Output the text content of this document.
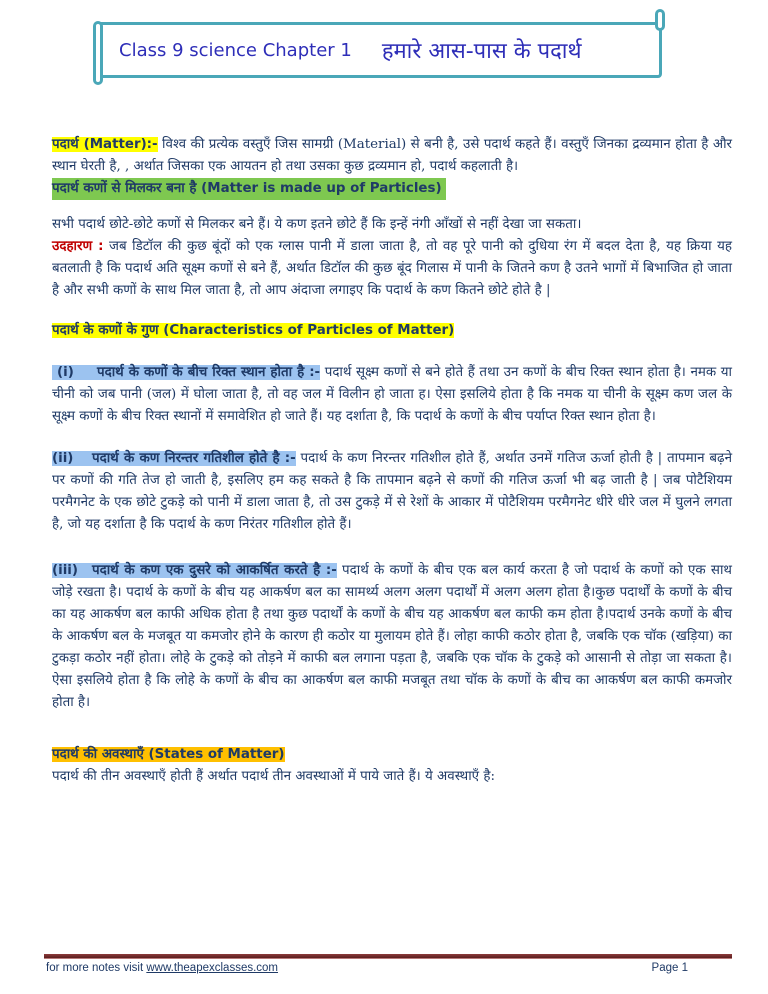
Class 9 science Chapter 1 हमारे आस-पास के पदार्थ

पदार्थ (Matter):- विश्व की प्रत्येक वस्तुएँ जिस सामग्री (Material) से बनी है, उसे पदार्थ कहते हैं। वस्तुएँ जिनका द्रव्यमान होता है और स्थान घेरती है, , अर्थात जिसका एक आयतन हो तथा उसका कुछ द्रव्यमान हो, पदार्थ कहलाती है।

पदार्थ कणों से मिलकर बना है (Matter is made up of Particles)

सभी पदार्थ छोटे-छोटे कणों से मिलकर बने हैं। ये कण इतने छोटे हैं कि इन्हें नंगी आँखों से नहीं देखा जा सकता।

उदहारण : जब डिटॉल की कुछ बूंदों को एक ग्लास पानी में डाला जाता है, तो वह पूरे पानी को दुधिया रंग में बदल देता है, यह क्रिया यह बतलाती है कि पदार्थ अति सूक्ष्म कणों से बने हैं, अर्थात डिटॉल की कुछ बूंद गिलास में पानी के जितने कण है उतने भागों में बिभाजित हो जाता है और सभी कणों के साथ मिल जाता है, तो आप अंदाजा लगाइए कि पदार्थ के कण कितने छोटे होते है |

पदार्थ के कणों के गुण (Characteristics of Particles of Matter)

(i) पदार्थ के कणों के बीच रिक्त स्थान होता है :- पदार्थ सूक्ष्म कणों से बने होते हैं तथा उन कणों के बीच रिक्त स्थान होता है। नमक या चीनी को जब पानी (जल) में घोला जाता है, तो वह जल में विलीन हो जाता ह। ऐसा इसलिये होता है कि नमक या चीनी के सूक्ष्म कण जल के सूक्ष्म कणों के बीच रिक्त स्थानों में समावेशित हो जाते हैं। यह दर्शाता है, कि पदार्थ के कणों के बीच पर्याप्त रिक्त स्थान होता है।

(ii) पदार्थ के कण निरन्तर गतिशील होते है :- पदार्थ के कण निरन्तर गतिशील होते हैं, अर्थात उनमें गतिज ऊर्जा होती है | तापमान बढ़ने पर कणों की गति तेज हो जाती है, इसलिए हम कह सकते है कि तापमान बढ़ने से कणों की गतिज ऊर्जा भी बढ़ जाती है | जब पोटैशियम परमैगनेट के एक छोटे टुकड़े को पानी में डाला जाता है, तो उस टुकड़े में से रेशों के आकार में पोटैशियम परमैगनेट धीरे धीरे जल में घुलने लगता है, जो यह दर्शाता है कि पदार्थ के कण निरंतर गतिशील होते हैं।

(iii) पदार्थ के कण एक दुसरे को आकर्षित करते है :- पदार्थ के कणों के बीच एक बल कार्य करता है जो पदार्थ के कणों को एक साथ जोड़े रखता है। पदार्थ के कणों के बीच यह आकर्षण बल का सामर्थ्य अलग अलग पदार्थों में अलग अलग होता है।कुछ पदार्थों के कणों के बीच का यह आकर्षण बल काफी अधिक होता है तथा कुछ पदार्थों के कणों के बीच यह आकर्षण बल काफी कम होता है।पदार्थ उनके कणों के बीच के आकर्षण बल के मजबूत या कमजोर होने के कारण ही कठोर या मुलायम होते हैं। लोहा काफी कठोर होता है, जबकि एक चॉक (खड़िया) का टुकड़ा कठोर नहीं होता। लोहे के टुकड़े को तोड़ने में काफी बल लगाना पड़ता है, जबकि एक चॉक के टुकड़े को आसानी से तोड़ा जा सकता है। ऐसा इसलिये होता है कि लोहे के कणों के बीच का आकर्षण बल काफी मजबूत तथा चॉक के कणों के बीच का आकर्षण बल काफी कमजोर होता है।

पदार्थ की अवस्थाएँ (States of Matter)

पदार्थ की तीन अवस्थाएँ होती हैं अर्थात पदार्थ तीन अवस्थाओं में पाये जाते हैं। ये अवस्थाएँ है:

for more notes visit www.theapexclasses.com	Page 1
